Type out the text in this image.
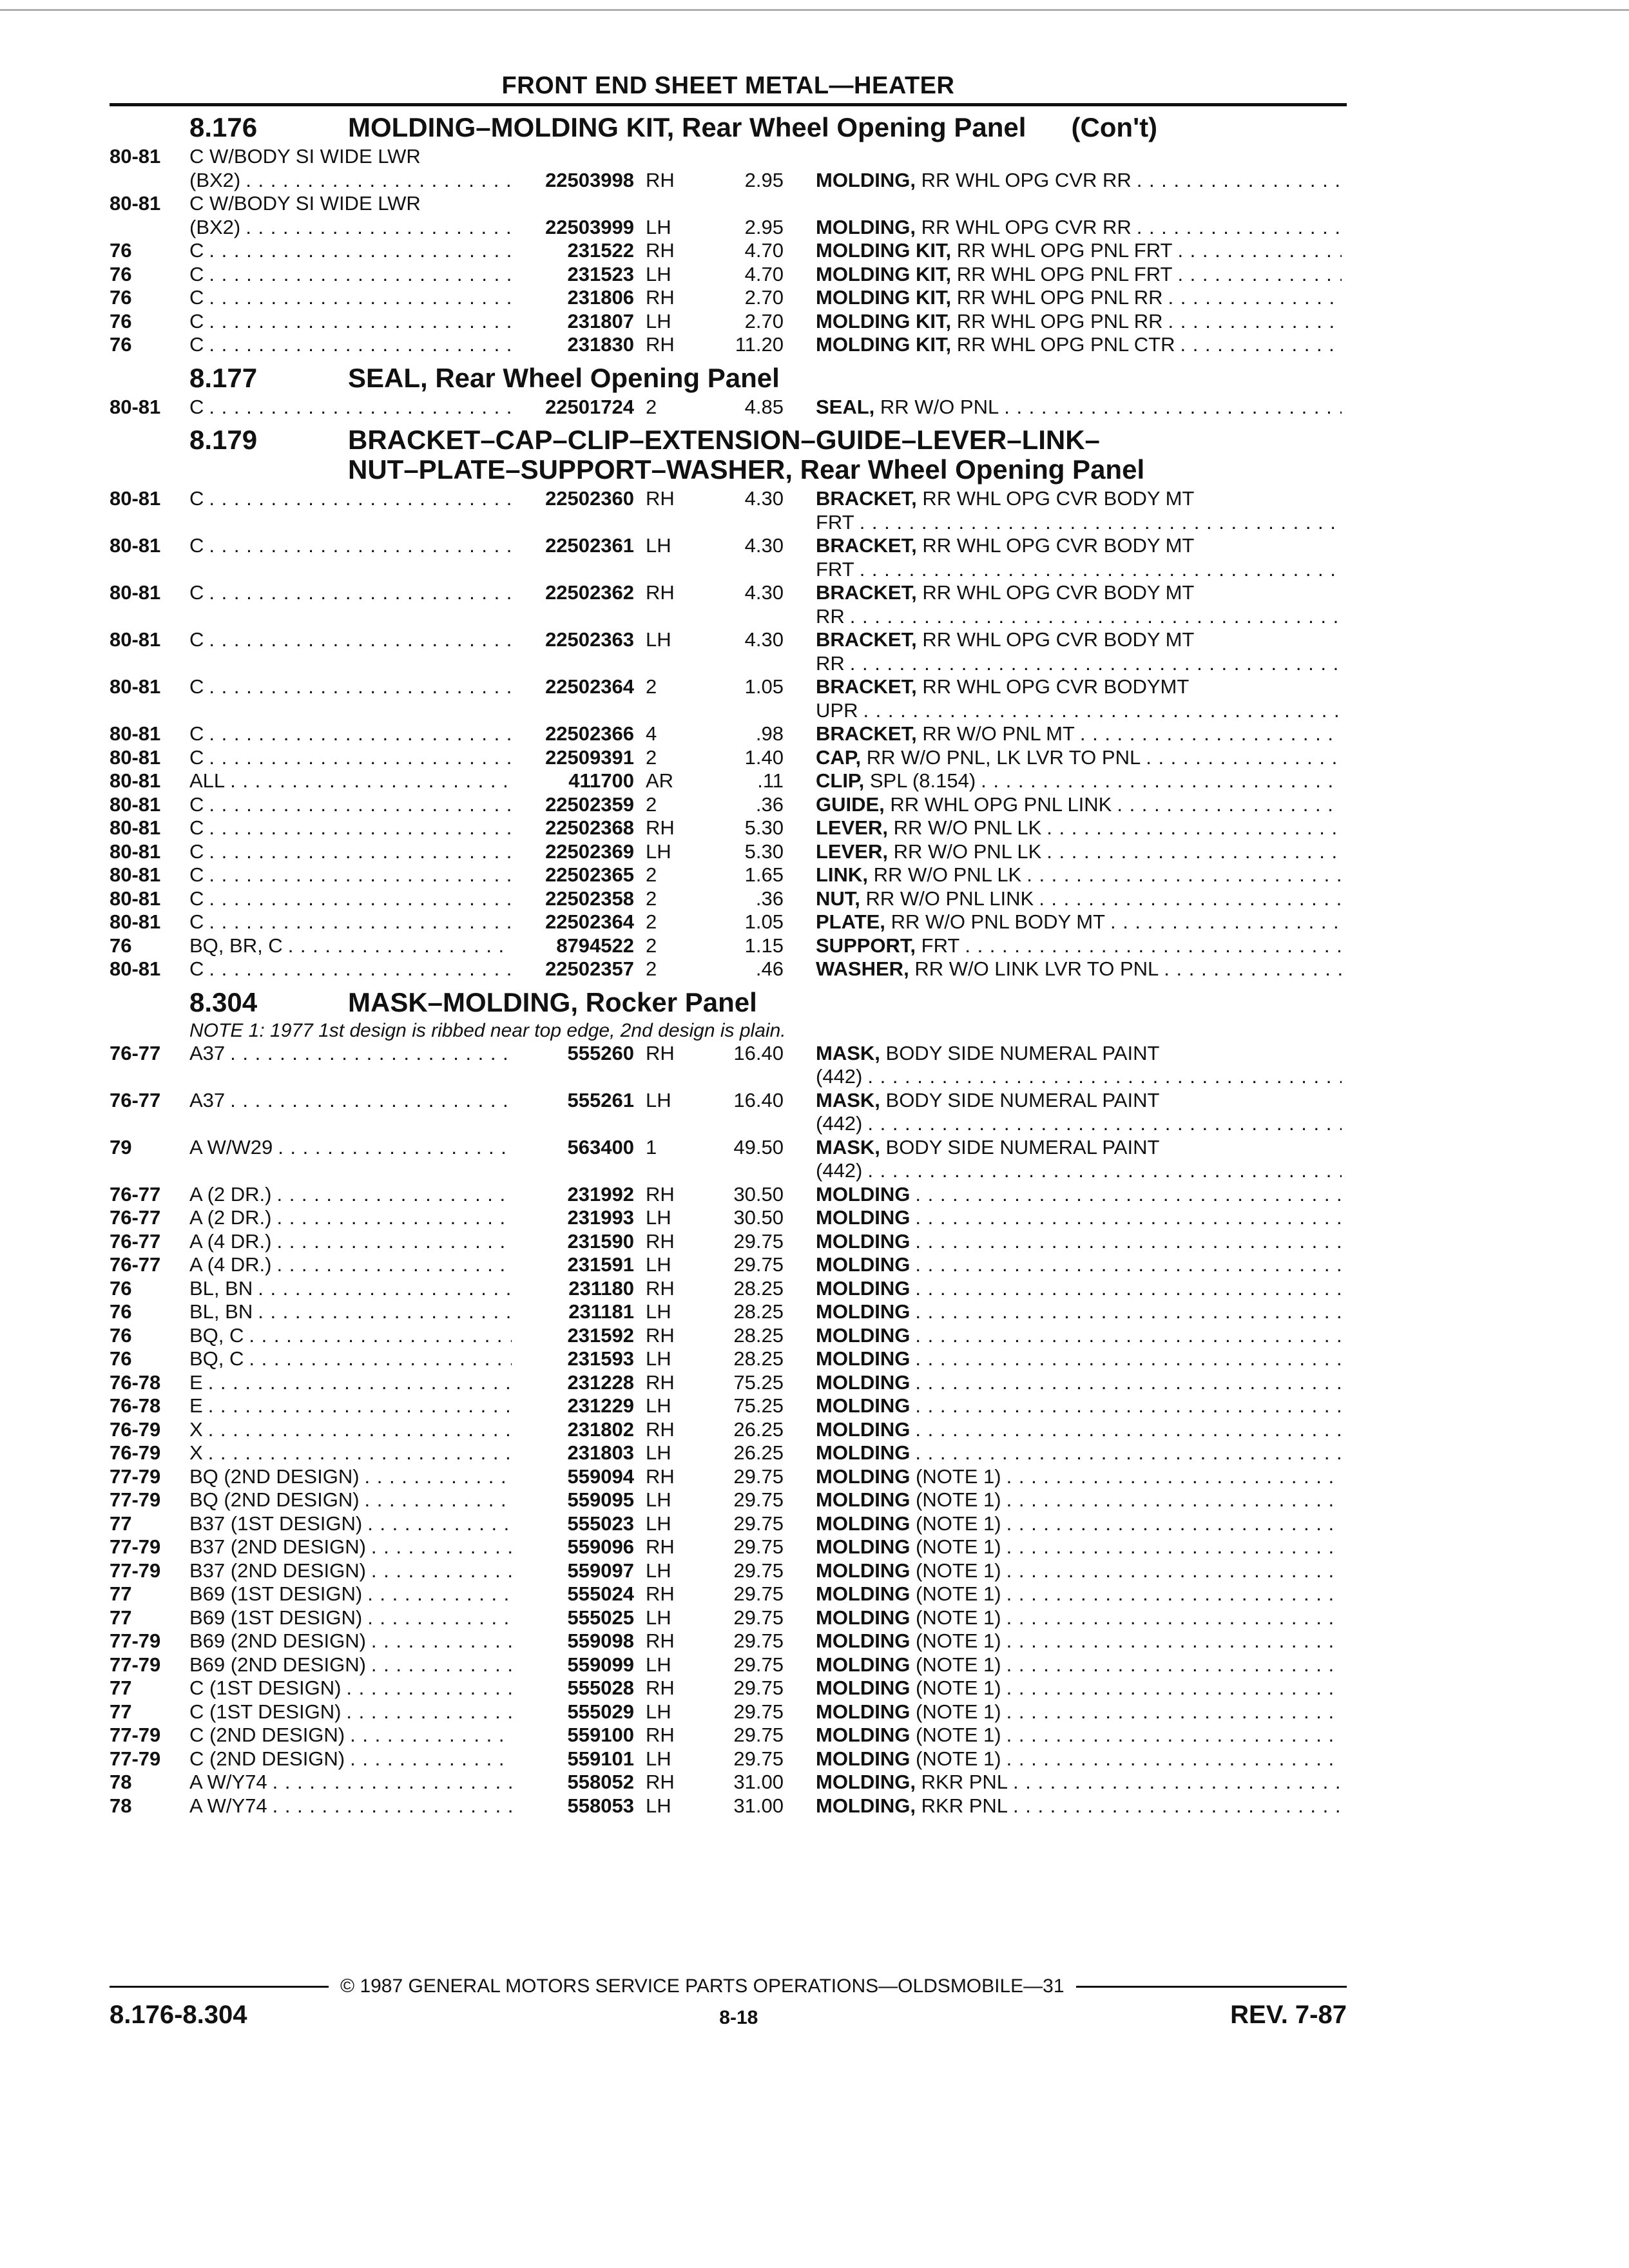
FRONT END SHEET METAL—HEATER
8.176	MOLDING–MOLDING KIT, Rear Wheel Opening Panel (Con't)
80-81	C W/BODY SI WIDE LWR
(BX2) . . .	22503998 RH	2.95 MOLDING, RR WHL OPG CVR RR
. . .
80-81	C W/BODY SI WIDE LWR
(BX2) . . .	22503999 LH	2.95 MOLDING, RR WHL OPG CVR RR
. . .
76	C . . .	231522 RH	4.70 MOLDING KIT, RR WHL OPG PNL FRT
. . .
76	C . . .	231523 LH	4.70 MOLDING KIT, RR WHL OPG PNL FRT
. . .
76	C . . .	231806 RH	2.70 MOLDING KIT, RR WHL OPG PNL RR
. . .
76	C . . .	231807 LH	2.70 MOLDING KIT, RR WHL OPG PNL RR
. . .
76	C . . .	231830 RH	11.20 MOLDING KIT, RR WHL OPG PNL CTR
. . .
8.177	SEAL, Rear Wheel Opening Panel
80-81	C . . .	22501724 2	4.85 SEAL, RR W/O PNL
. . .
8.179	BRACKET–CAP–CLIP–EXTENSION–GUIDE–LEVER–LINK–
NUT–PLATE–SUPPORT–WASHER, Rear Wheel Opening Panel
80-81	C . . .	22502360 RH	4.30 BRACKET, RR WHL OPG CVR BODY MT
FRT
. . .
80-81	C . . .	22502361 LH	4.30 BRACKET, RR WHL OPG CVR BODY MT
FRT
. . .
80-81	C . . .	22502362 RH	4.30 BRACKET, RR WHL OPG CVR BODY MT
RR
. . .
80-81	C . . .	22502363 LH	4.30 BRACKET, RR WHL OPG CVR BODY MT
RR
. . .
80-81	C . . .	22502364 2	1.05 BRACKET, RR WHL OPG CVR BODYMT
UPR
. . .
80-81	C . . .	22502366 4	.98 BRACKET, RR W/O PNL MT
. . .
80-81	C . . .	22509391 2	1.40 CAP, RR W/O PNL, LK LVR TO PNL
. . .
80-81	ALL . . .	411700 AR	.11 CLIP, SPL (8.154)
. . .
80-81	C . . .	22502359 2	.36 GUIDE, RR WHL OPG PNL LINK
. . .
80-81	C . . .	22502368 RH	5.30 LEVER, RR W/O PNL LK
. . .
80-81	C . . .	22502369 LH	5.30 LEVER, RR W/O PNL LK
. . .
80-81	C . . .	22502365 2	1.65 LINK, RR W/O PNL LK
. . .
80-81	C . . .	22502358 2	.36 NUT, RR W/O PNL LINK
. . .
80-81	C . . .	22502364 2	1.05 PLATE, RR W/O PNL BODY MT
. . .
76	BQ, BR, C . . .	8794522 2	1.15 SUPPORT, FRT
. . .
80-81	C . . .	22502357 2	.46 WASHER, RR W/O LINK LVR TO PNL
. . .
8.304	MASK–MOLDING, Rocker Panel
NOTE 1: 1977 1st design is ribbed near top edge, 2nd design is plain.
76-77	A37 . . .	555260 RH	16.40 MASK, BODY SIDE NUMERAL PAINT
(442)
. . .
76-77	A37 . . .	555261 LH	16.40 MASK, BODY SIDE NUMERAL PAINT
(442)
. . .
79	A W/W29 . . .	563400 1	49.50 MASK, BODY SIDE NUMERAL PAINT
(442)
. . .
76-77	A (2 DR.) . . .	231992 RH	30.50 MOLDING
. . .
76-77	A (2 DR.) . . .	231993 LH	30.50 MOLDING
. . .
76-77	A (4 DR.) . . .	231590 RH	29.75 MOLDING
. . .
76-77	A (4 DR.) . . .	231591 LH	29.75 MOLDING
. . .
76	BL, BN . . .	231180 RH	28.25 MOLDING
. . .
76	BL, BN . . .	231181 LH	28.25 MOLDING
. . .
76	BQ, C . . .	231592 RH	28.25 MOLDING
. . .
76	BQ, C . . .	231593 LH	28.25 MOLDING
. . .
76-78	E . . .	231228 RH	75.25 MOLDING
. . .
76-78	E . . .	231229 LH	75.25 MOLDING
. . .
76-79	X . . .	231802 RH	26.25 MOLDING
. . .
76-79	X . . .	231803 LH	26.25 MOLDING
. . .
77-79	BQ (2ND DESIGN) . . .	559094 RH	29.75 MOLDING (NOTE 1)
. . .
77-79	BQ (2ND DESIGN) . . .	559095 LH	29.75 MOLDING (NOTE 1)
. . .
77	B37 (1ST DESIGN) . . .	555023 LH	29.75 MOLDING (NOTE 1)
. . .
77-79	B37 (2ND DESIGN) . . .	559096 RH	29.75 MOLDING (NOTE 1)
. . .
77-79	B37 (2ND DESIGN) . . .	559097 LH	29.75 MOLDING (NOTE 1)
. . .
77	B69 (1ST DESIGN) . . .	555024 RH	29.75 MOLDING (NOTE 1)
. . .
77	B69 (1ST DESIGN) . . .	555025 LH	29.75 MOLDING (NOTE 1)
. . .
77-79	B69 (2ND DESIGN) . . .	559098 RH	29.75 MOLDING (NOTE 1)
. . .
77-79	B69 (2ND DESIGN) . . .	559099 LH	29.75 MOLDING (NOTE 1)
. . .
77	C (1ST DESIGN) . . .	555028 RH	29.75 MOLDING (NOTE 1)
. . .
77	C (1ST DESIGN) . . .	555029 LH	29.75 MOLDING (NOTE 1)
. . .
77-79	C (2ND DESIGN) . . .	559100 RH	29.75 MOLDING (NOTE 1)
. . .
77-79	C (2ND DESIGN) . . .	559101 LH	29.75 MOLDING (NOTE 1)
. . .
78	A W/Y74 . . .	558052 RH	31.00 MOLDING, RKR PNL
. . .
78	A W/Y74 . . .	558053 LH	31.00 MOLDING, RKR PNL
. . .
© 1987 GENERAL MOTORS SERVICE PARTS OPERATIONS—OLDSMOBILE—31
8.176-8.304	8-18	REV. 7-87
